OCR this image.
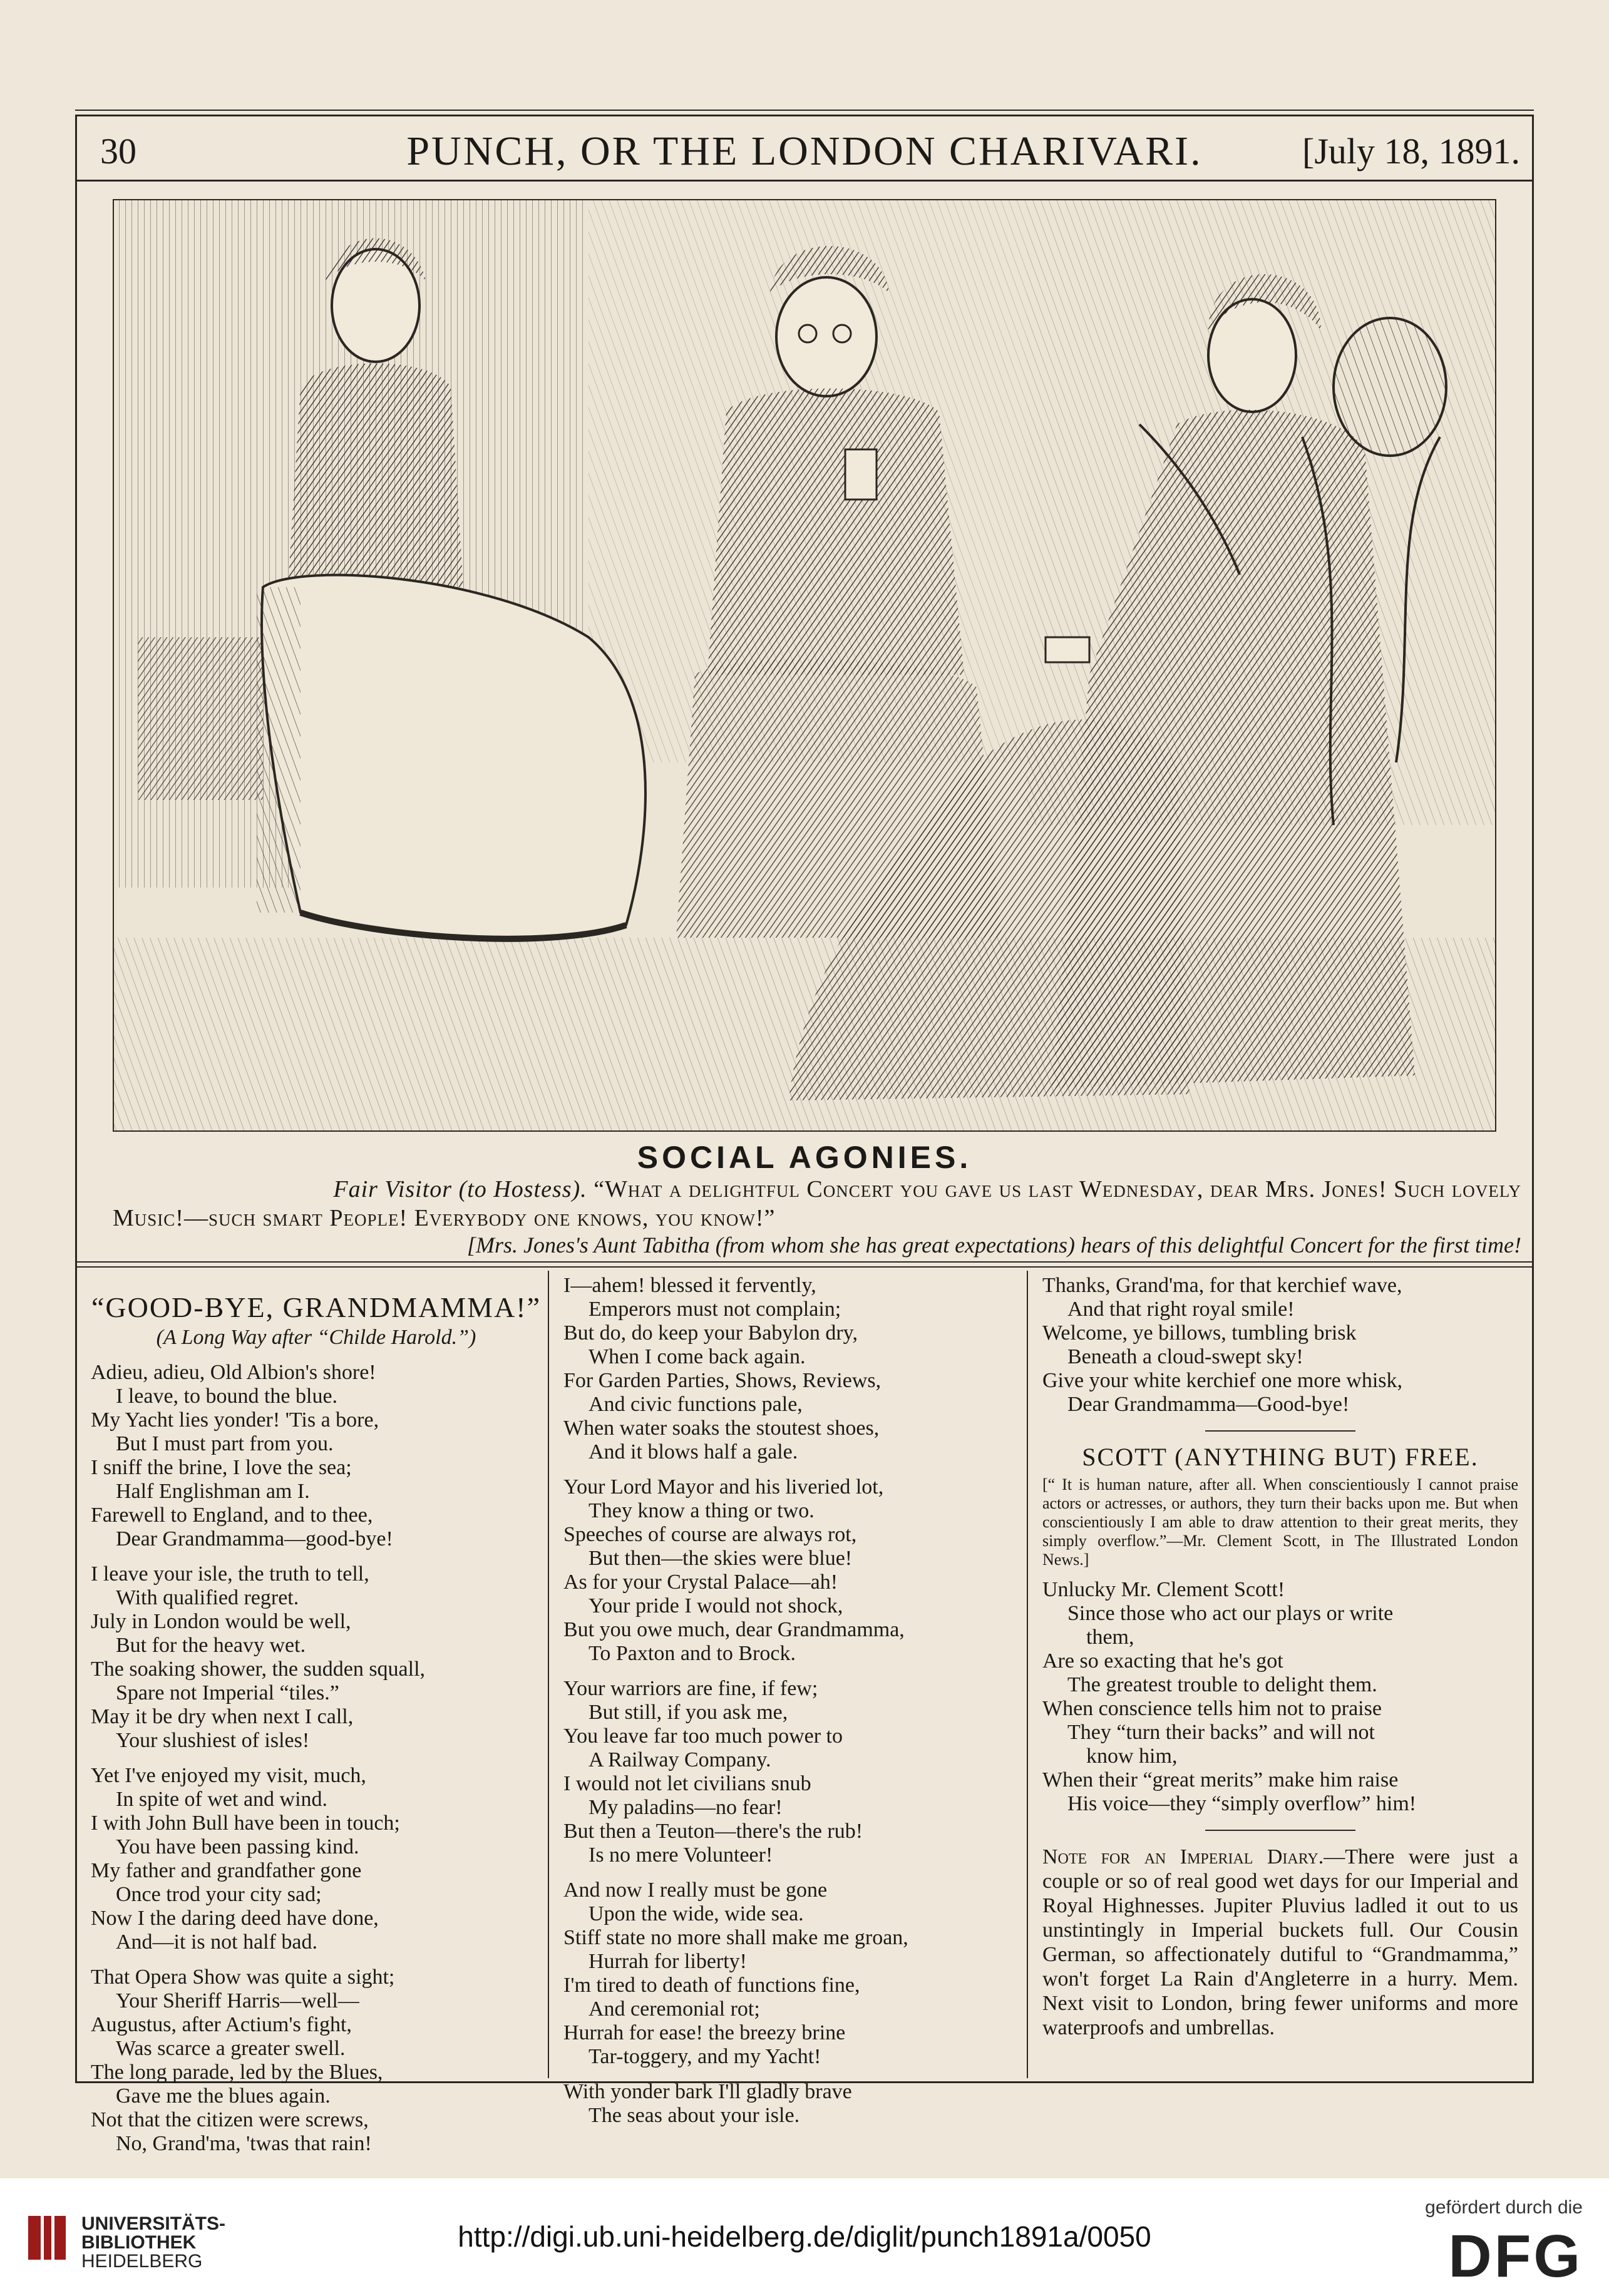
30	PUNCH, OR THE LONDON CHARIVARI.	[July 18, 1891.
SOCIAL AGONIES.
Fair Visitor (to Hostess). “What a delightful Concert you gave us last Wednesday, dear Mrs. Jones! Such lovely
Music!—such smart People! Everybody one knows, you know!”
[Mrs. Jones's Aunt Tabitha (from whom she has great expectations) hears of this delightful Concert for the first time!
“GOOD-BYE, GRANDMAMMA!”
(A Long Way after “Childe Harold.”)
Adieu, adieu, Old Albion's shore!
I leave, to bound the blue.
My Yacht lies yonder! 'Tis a bore,
But I must part from you.
I sniff the brine, I love the sea;
Half Englishman am I.
Farewell to England, and to thee,
Dear Grandmamma—good-bye!
I leave your isle, the truth to tell,
With qualified regret.
July in London would be well,
But for the heavy wet.
The soaking shower, the sudden squall,
Spare not Imperial “tiles.”
May it be dry when next I call,
Your slushiest of isles!
Yet I've enjoyed my visit, much,
In spite of wet and wind.
I with John Bull have been in touch;
You have been passing kind.
My father and grandfather gone
Once trod your city sad;
Now I the daring deed have done,
And—it is not half bad.
That Opera Show was quite a sight;
Your Sheriff Harris—well—
Augustus, after Actium's fight,
Was scarce a greater swell.
The long parade, led by the Blues,
Gave me the blues again.
Not that the citizen were screws,
No, Grand'ma, 'twas that rain!
I—ahem! blessed it fervently,
Emperors must not complain;
But do, do keep your Babylon dry,
When I come back again.
For Garden Parties, Shows, Reviews,
And civic functions pale,
When water soaks the stoutest shoes,
And it blows half a gale.
Your Lord Mayor and his liveried lot,
They know a thing or two.
Speeches of course are always rot,
But then—the skies were blue!
As for your Crystal Palace—ah!
Your pride I would not shock,
But you owe much, dear Grandmamma,
To Paxton and to Brock.
Your warriors are fine, if few;
But still, if you ask me,
You leave far too much power to
A Railway Company.
I would not let civilians snub
My paladins—no fear!
But then a Teuton—there's the rub!
Is no mere Volunteer!
And now I really must be gone
Upon the wide, wide sea.
Stiff state no more shall make me groan,
Hurrah for liberty!
I'm tired to death of functions fine,
And ceremonial rot;
Hurrah for ease! the breezy brine
Tar-toggery, and my Yacht!
With yonder bark I'll gladly brave
The seas about your isle.
Thanks, Grand'ma, for that kerchief wave,
And that right royal smile!
Welcome, ye billows, tumbling brisk
Beneath a cloud-swept sky!
Give your white kerchief one more whisk,
Dear Grandmamma—Good-bye!
SCOTT (ANYTHING BUT) FREE.
[“ It is human nature, after all. When conscientiously I cannot praise actors or actresses, or authors, they turn their backs upon me. But when conscientiously I am able to draw attention to their great merits, they simply overflow.”—Mr. Clement Scott, in The Illustrated London News.]
Unlucky Mr. Clement Scott!
Since those who act our plays or write
them,
Are so exacting that he's got
The greatest trouble to delight them.
When conscience tells him not to praise
They “turn their backs” and will not
know him,
When their “great merits” make him raise
His voice—they “simply overflow” him!
Note for an Imperial Diary.—There were just a couple or so of real good wet days for our Imperial and Royal Highnesses. Jupiter Pluvius ladled it out to us unstintingly in Imperial buckets full. Our Cousin German, so affectionately dutiful to “Grandmamma,” won't forget La Rain d'Angleterre in a hurry. Mem. Next visit to London, bring fewer uniforms and more waterproofs and umbrellas.
UNIVERSITÄTS-
BIBLIOTHEK
HEIDELBERG
http://digi.ub.uni-heidelberg.de/diglit/punch1891a/0050
gefördert durch die
DFG
